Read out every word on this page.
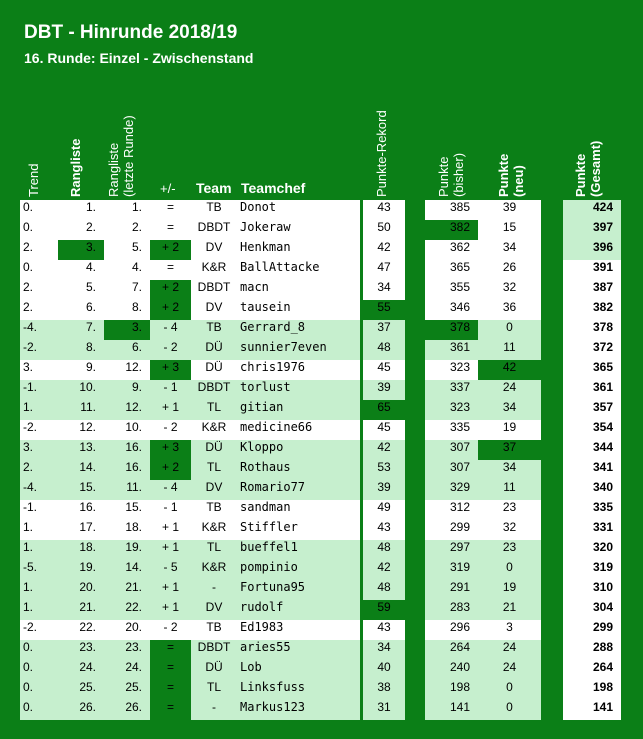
DBT - Hinrunde 2018/19
16. Runde: Einzel - Zwischenstand
Trend Rangliste Rangliste
(letzte Runde) +/- Team Teamchef	Punkte-Rekord	Punkte
(bisher) Punkte
(neu)	Punkte
(Gesamt)
0.	1.	1.	=	TB	Donot	43	385	39	424
0.	2.	2.	=	DBDT Jokeraw	50	382	15	397
2.	3.	5.	+ 2	DV	Henkman	42	362	34	396
0.	4.	4.	=	K&R	BallAttacke	47	365	26	391
2.	5.	7.	+ 2	DBDT macn	34	355	32	387
2.	6.	8.	+ 2	DV	tausein	55	346	36	382
-4.	7.	3.	- 4	TB	Gerrard_8	37	378	0	378
-2.	8.	6.	- 2	DÜ	sunnier7even	48	361	11	372
3.	9.	12.	+ 3	DÜ	chris1976	45	323	42	365
-1.	10.	9.	- 1	DBDT torlust	39	337	24	361
1.	11.	12.	+ 1	TL	gitian	65	323	34	357
-2.	12.	10.	- 2	K&R	medicine66	45	335	19	354
3.	13.	16.	+ 3	DÜ	Kloppo	42	307	37	344
2.	14.	16.	+ 2	TL	Rothaus	53	307	34	341
-4.	15.	11.	- 4	DV	Romario77	39	329	11	340
-1.	16.	15.	- 1	TB	sandman	49	312	23	335
1.	17.	18.	+ 1	K&R	Stiffler	43	299	32	331
1.	18.	19.	+ 1	TL	bueffel1	48	297	23	320
-5.	19.	14.	- 5	K&R	pompinio	42	319	0	319
1.	20.	21.	+ 1	-	Fortuna95	48	291	19	310
1.	21.	22.	+ 1	DV	rudolf	59	283	21	304
-2.	22.	20.	- 2	TB	Ed1983	43	296	3	299
0.	23.	23.	=	DBDT aries55	34	264	24	288
0.	24.	24.	=	DÜ	Lob	40	240	24	264
0.	25.	25.	=	TL	Linksfuss	38	198	0	198
0.	26.	26.	=	-	Markus123	31	141	0	141
